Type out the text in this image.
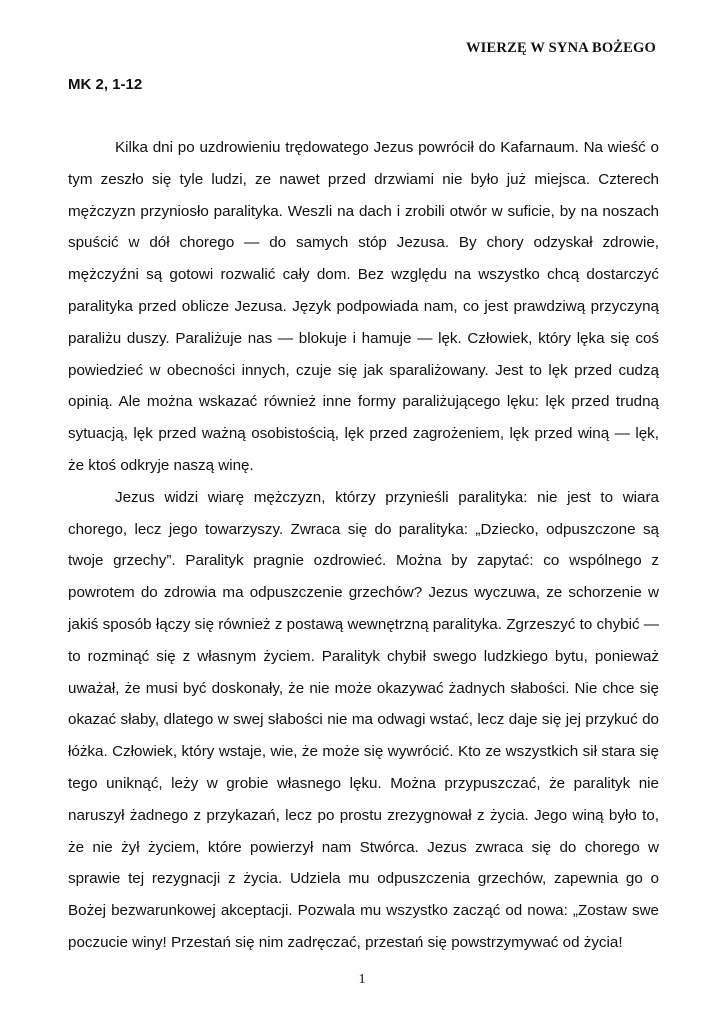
WIERZĘ W SYNA BOŻEGO
MK 2, 1-12

Kilka dni po uzdrowieniu trędowatego Jezus powrócił do Kafarnaum. Na wieść o tym zeszło się tyle ludzi, ze nawet przed drzwiami nie było już miejsca. Czterech mężczyzn przyniosło paralityka. Weszli na dach i zrobili otwór w suficie, by na noszach spuścić w dół chorego — do samych stóp Jezusa. By chory odzyskał zdrowie, mężczyźni są gotowi rozwalić cały dom. Bez względu na wszystko chcą dostarczyć paralityka przed oblicze Jezusa. Język podpowiada nam, co jest prawdziwą przyczyną paraliżu duszy. Paraliżuje nas — blokuje i hamuje — lęk. Człowiek, który lęka się coś powiedzieć w obecności innych, czuje się jak sparaliżowany. Jest to lęk przed cudzą opinią. Ale można wskazać również inne formy paraliżującego lęku: lęk przed trudną sytuacją, lęk przed ważną osobistością, lęk przed zagrożeniem, lęk przed winą — lęk, że ktoś odkryje naszą winę.

Jezus widzi wiarę mężczyzn, którzy przynieśli paralityka: nie jest to wiara chorego, lecz jego towarzyszy. Zwraca się do paralityka: „Dziecko, odpuszczone są twoje grzechy”. Paralityk pragnie ozdrowieć. Można by zapytać: co wspólnego z powrotem do zdrowia ma odpuszczenie grzechów? Jezus wyczuwa, ze schorzenie w jakiś sposób łączy się również z postawą wewnętrzną paralityka. Zgrzeszyć to chybić — to rozminąć się z własnym życiem. Paralityk chybił swego ludzkiego bytu, ponieważ uważał, że musi być doskonały, że nie może okazywać żadnych słabości. Nie chce się okazać słaby, dlatego w swej słabości nie ma odwagi wstać, lecz daje się jej przykuć do łóżka. Człowiek, który wstaje, wie, że może się wywrócić. Kto ze wszystkich sił stara się tego uniknąć, leży w grobie własnego lęku. Można przypuszczać, że paralityk nie naruszył żadnego z przykazań, lecz po prostu zrezygnował z życia. Jego winą było to, że nie żył życiem, które powierzył nam Stwórca. Jezus zwraca się do chorego w sprawie tej rezygnacji z życia. Udziela mu odpuszczenia grzechów, zapewnia go o Bożej bezwarunkowej akceptacji. Pozwala mu wszystko zacząć od nowa: „Zostaw swe poczucie winy! Przestań się nim zadręczać, przestań się powstrzymywać od życia!

1
